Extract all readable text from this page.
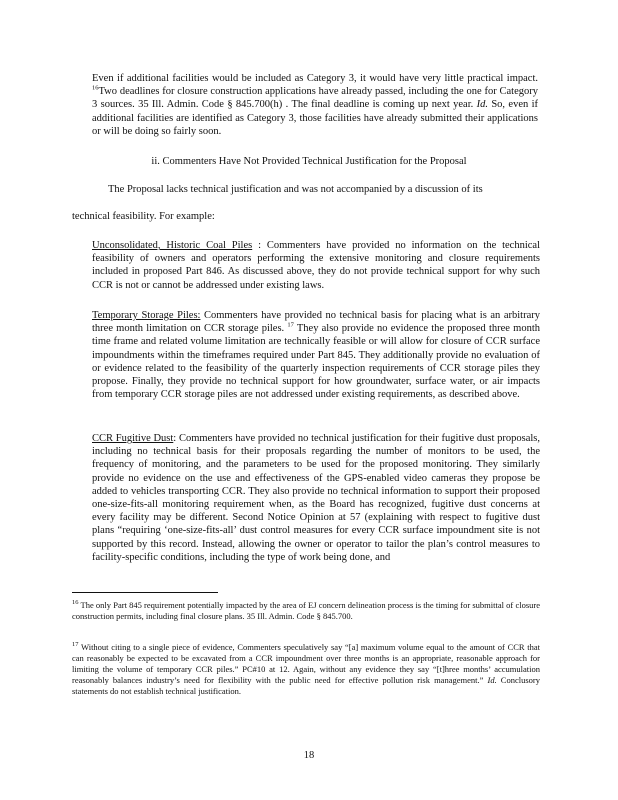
Even if additional facilities would be included as Category 3, it would have very little practical impact. $^{16}$Two deadlines for closure construction applications have already passed, including the one for Category 3 sources. 35 Ill. Admin. Code § 845.700(h) . The final deadline is coming up next year. Id. So, even if additional facilities are identified as Category 3, those facilities have already submitted their applications or will be doing so fairly soon.

ii. Commenters Have Not Provided Technical Justification for the Proposal

The Proposal lacks technical justification and was not accompanied by a discussion of its

technical feasibility. For example:

Unconsolidated, Historic Coal Piles : Commenters have provided no information on the technical feasibility of owners and operators performing the extensive monitoring and closure requirements included in proposed Part 846. As discussed above, they do not provide technical support for why such CCR is not or cannot be addressed under existing laws.

Temporary Storage Piles: Commenters have provided no technical basis for placing what is an arbitrary three month limitation on CCR storage piles. $^{17}$ They also provide no evidence the proposed three month time frame and related volume limitation are technically feasible or will allow for closure of CCR surface impoundments within the timeframes required under Part 845. They additionally provide no evaluation of or evidence related to the feasibility of the quarterly inspection requirements of CCR storage piles they propose. Finally, they provide no technical support for how groundwater, surface water, or air impacts from temporary CCR storage piles are not addressed under existing requirements, as described above.

CCR Fugitive Dust: Commenters have provided no technical justification for their fugitive dust proposals, including no technical basis for their proposals regarding the number of monitors to be used, the frequency of monitoring, and the parameters to be used for the proposed monitoring. They similarly provide no evidence on the use and effectiveness of the GPS-enabled video cameras they propose be added to vehicles transporting CCR. They also provide no technical information to support their proposed one-size-fits-all monitoring requirement when, as the Board has recognized, fugitive dust concerns at every facility may be different. Second Notice Opinion at 57 (explaining with respect to fugitive dust plans “requiring ‘one-size-fits-all’ dust control measures for every CCR surface impoundment site is not supported by this record. Instead, allowing the owner or operator to tailor the plan’s control measures to facility-specific conditions, including the type of work being done, and

$^{16}$ The only Part 845 requirement potentially impacted by the area of EJ concern delineation process is the timing for submittal of closure construction permits, including final closure plans. 35 Ill. Admin. Code § 845.700.

$^{17}$ Without citing to a single piece of evidence, Commenters speculatively say “[a] maximum volume equal to the amount of CCR that can reasonably be expected to be excavated from a CCR impoundment over three months is an appropriate, reasonable approach for limiting the volume of temporary CCR piles.” PC#10 at 12. Again, without any evidence they say “[t]hree months’ accumulation reasonably balances industry’s need for flexibility with the public need for effective pollution risk management.” Id. Conclusory statements do not establish technical justification.

18
